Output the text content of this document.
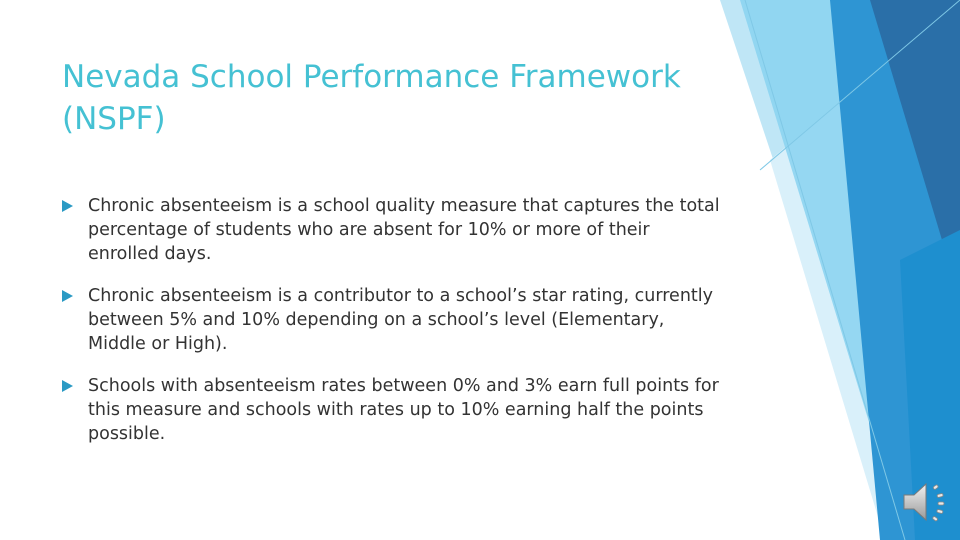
Nevada School Performance Framework (NSPF)
Chronic absenteeism is a school quality measure that captures the total percentage of students who are absent for 10% or more of their enrolled days.
Chronic absenteeism is a contributor to a school’s star rating, currently between 5% and 10% depending on a school’s level (Elementary, Middle or High).
Schools with absenteeism rates between 0% and 3% earn full points for this measure and schools with rates up to 10% earning half the points possible.
